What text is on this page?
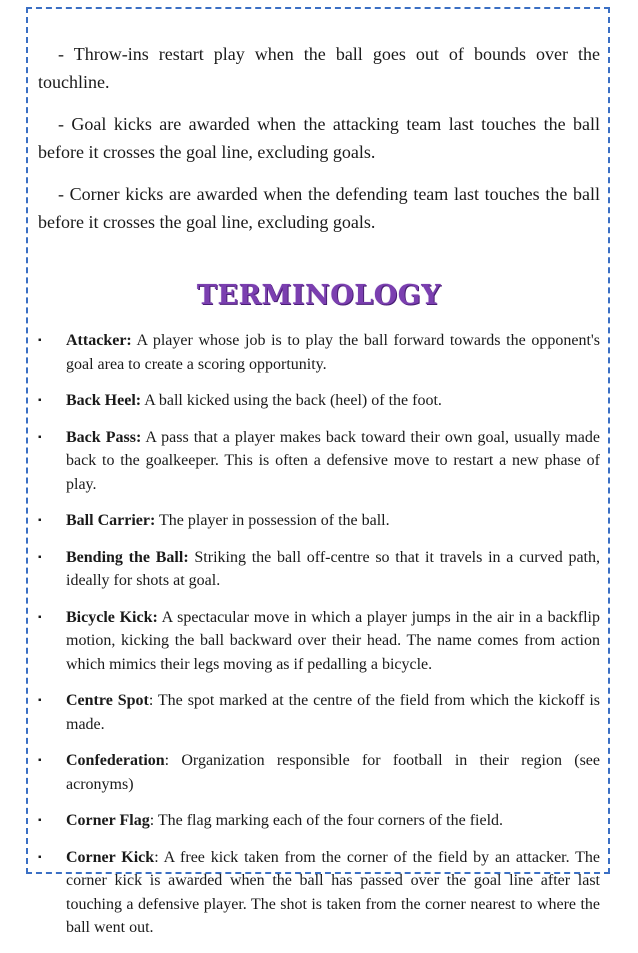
- Throw-ins restart play when the ball goes out of bounds over the touchline.

- Goal kicks are awarded when the attacking team last touches the ball before it crosses the goal line, excluding goals.

- Corner kicks are awarded when the defending team last touches the ball before it crosses the goal line, excluding goals.

TERMINOLOGY
▪ Attacker: A player whose job is to play the ball forward towards the opponent's goal area to create a scoring opportunity.
▪ Back Heel: A ball kicked using the back (heel) of the foot.
▪ Back Pass: A pass that a player makes back toward their own goal, usually made back to the goalkeeper. This is often a defensive move to restart a new phase of play.
▪ Ball Carrier: The player in possession of the ball.
▪ Bending the Ball: Striking the ball off-centre so that it travels in a curved path, ideally for shots at goal.
▪ Bicycle Kick: A spectacular move in which a player jumps in the air in a backflip motion, kicking the ball backward over their head. The name comes from action which mimics their legs moving as if pedalling a bicycle.
▪ Centre Spot: The spot marked at the centre of the field from which the kickoff is made.
▪ Confederation: Organization responsible for football in their region (see acronyms)
▪ Corner Flag: The flag marking each of the four corners of the field.
▪ Corner Kick: A free kick taken from the corner of the field by an attacker. The corner kick is awarded when the ball has passed over the goal line after last touching a defensive player. The shot is taken from the corner nearest to where the ball went out.
